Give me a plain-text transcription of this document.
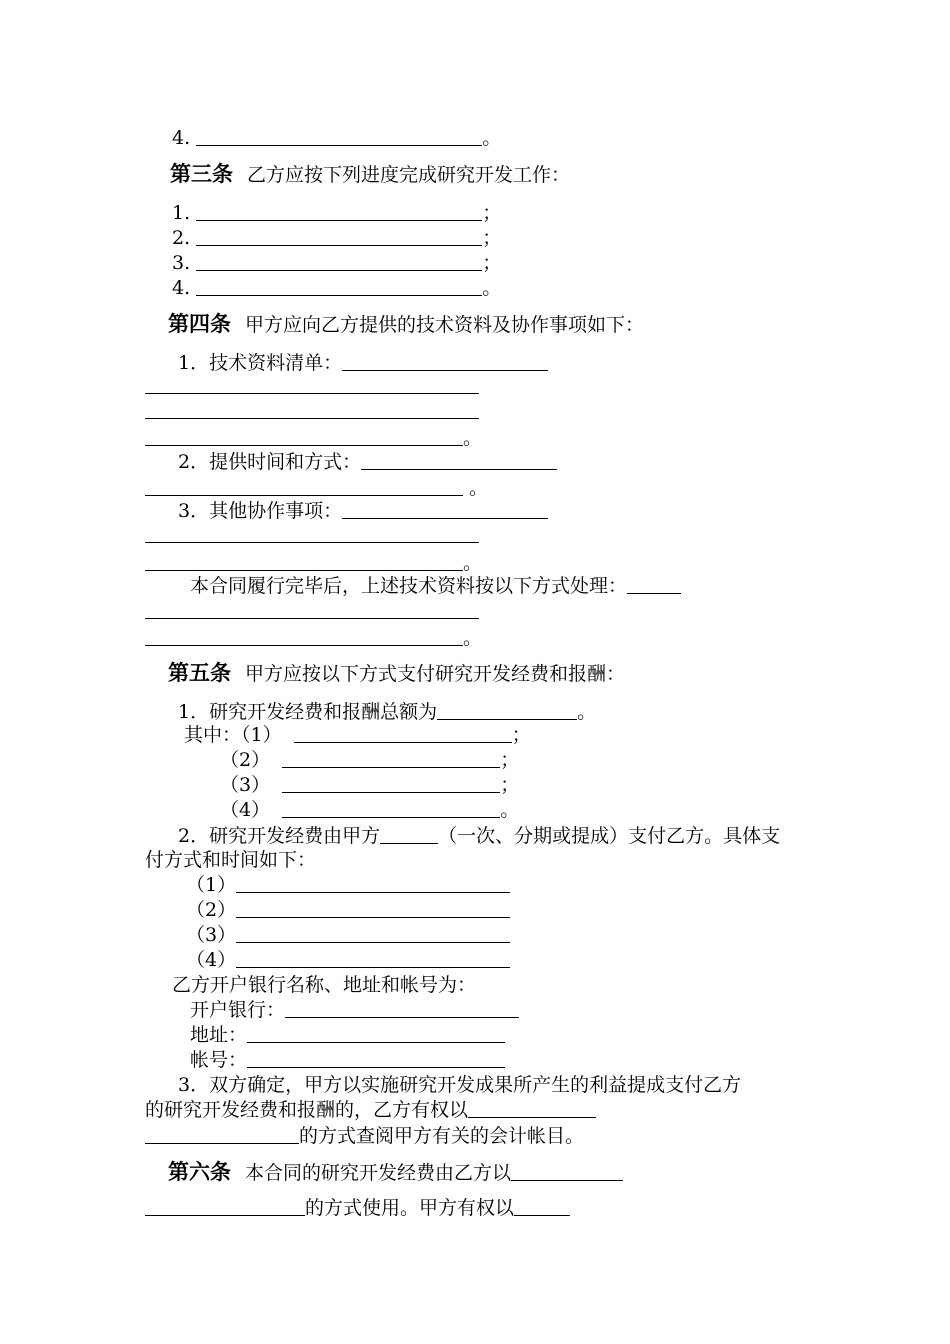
4.	。
第三条 乙方应按下列进度完成研究开发工作：
1.	；
2.	；
3.	；
4.	。
第四条 甲方应向乙方提供的技术资料及协作事项如下：
1．技术资料清单：
。
2．提供时间和方式：
。
3．其他协作事项：
。
本合同履行完毕后，上述技术资料按以下方式处理：
。
第五条 甲方应按以下方式支付研究开发经费和报酬：
1．研究开发经费和报酬总额为	。
其中：（1）	；
（2）	；
（3）	；
（4）	。
2．研究开发经费由甲方	（一次、分期或提成）支付乙方。具体支
付方式和时间如下：
（1）
（2）
（3）
（4）
乙方开户银行名称、地址和帐号为：
开户银行：
地址：
帐号：
3．双方确定，甲方以实施研究开发成果所产生的利益提成支付乙方
的研究开发经费和报酬的，乙方有权以
的方式查阅甲方有关的会计帐目。
第六条 本合同的研究开发经费由乙方以
的方式使用。甲方有权以
